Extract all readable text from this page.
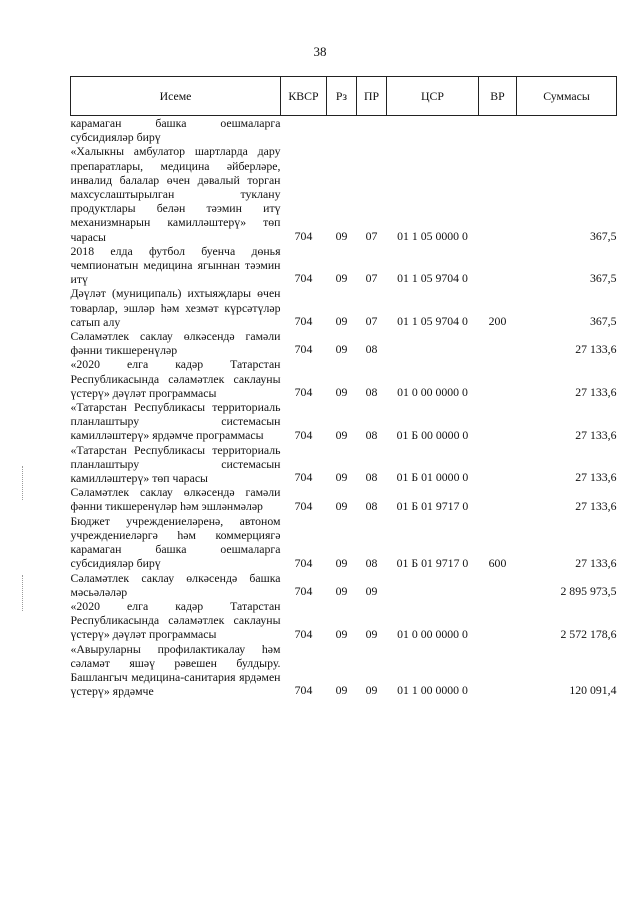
38
Исеме	КВСР	Рз	ПР	ЦСР	ВР	Суммасы
карамаган башка оешмаларга субсидияләр бирү						
«Халыкны амбулатор шартларда дару препаратлары, медицина әйберләре, инвалид балалар өчен дәвалый торган махсуслаштырылган туклану продуктлары белән тәэмин итү механизмнарын камилләштерү» төп чарасы	704	09	07	01 1 05 0000 0		367,5
2018 елда футбол буенча дөнья чемпионатын медицина ягыннан тәэмин итү	704	09	07	01 1 05 9704 0		367,5
Дәүләт (муниципаль) ихтыяҗлары өчен товарлар, эшләр һәм хезмәт күрсәтүләр сатып алу	704	09	07	01 1 05 9704 0	200	367,5
Сәламәтлек саклау өлкәсендә гамәли фәнни тикшеренүләр	704	09	08			27 133,6
«2020 елга кадәр Татарстан Республикасында сәламәтлек саклауны үстерү» дәүләт программасы	704	09	08	01 0 00 0000 0		27 133,6
«Татарстан Республикасы территориаль планлаштыру системасын камилләштерү» ярдәмче программасы	704	09	08	01 Б 00 0000 0		27 133,6
«Татарстан Республикасы территориаль планлаштыру системасын камилләштерү» төп чарасы	704	09	08	01 Б 01 0000 0		27 133,6
Сәламәтлек саклау өлкәсендә гамәли фәнни тикшеренүләр һәм эшләнмәләр	704	09	08	01 Б 01 9717 0		27 133,6
Бюджет учреждениеләренә, автоном учреждениеләргә һәм коммерциягә карамаган башка оешмаларга субсидияләр бирү	704	09	08	01 Б 01 9717 0	600	27 133,6
Сәламәтлек саклау өлкәсендә башка мәсьәләләр	704	09	09			2 895 973,5
«2020 елга кадәр Татарстан Республикасында сәламәтлек саклауны үстерү» дәүләт программасы	704	09	09	01 0 00 0000 0		2 572 178,6
«Авыруларны профилактикалау һәм сәламәт яшәү рәвешен булдыру. Башлангыч медицина-санитария ярдәмен үстерү» ярдәмче	704	09	09	01 1 00 0000 0		120 091,4
